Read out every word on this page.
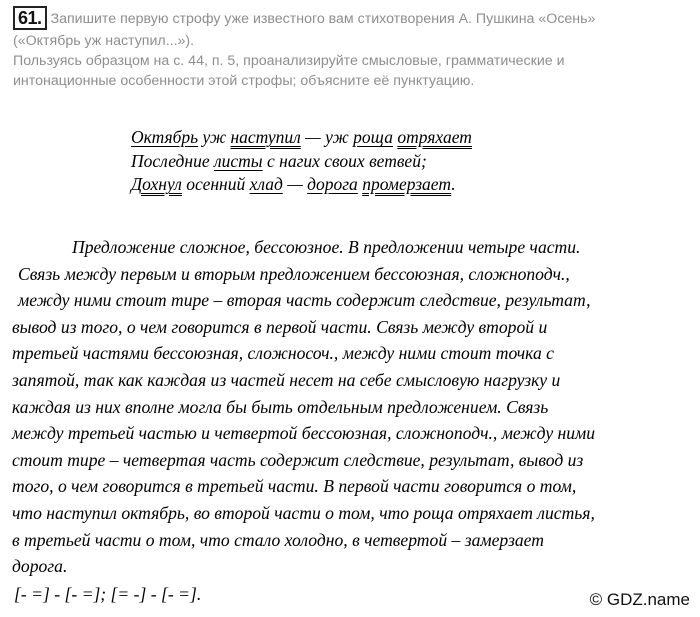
61. Запишите первую строфу уже известного вам стихотворения А. Пушкина «Осень»
(«Октябрь уж наступил...»).
Пользуясь образцом на с. 44, п. 5, проанализируйте смысловые, грамматические и
интонационные особенности этой строфы; объясните её пунктуацию.
Октябрь уж наступил — уж роща отряхает
Последние листы с нагих своих ветвей;
Дохнул осенний хлад — дорога промерзает.
Предложение сложное, бессоюзное. В предложении четыре части.
Связь между первым и вторым предложением бессоюзная, сложноподч.,
между ними стоит тире – вторая часть содержит следствие, результат,
вывод из того, о чем говорится в первой части. Связь между второй и
третьей частями бессоюзная, сложносоч., между ними стоит точка с
запятой, так как каждая из частей несет на себе смысловую нагрузку и
каждая из них вполне могла бы быть отдельным предложением. Связь
между третьей частью и четвертой бессоюзная, сложноподч., между ними
стоит тире – четвертая часть содержит следствие, результат, вывод из
того, о чем говорится в третьей части. В первой части говорится о том,
что наступил октябрь, во второй части о том, что роща отряхает листья,
в третьей части о том, что стало холодно, в четвертой – замерзает
дорога.
[- =] - [- =]; [= -] - [- =].	© GDZ.name
